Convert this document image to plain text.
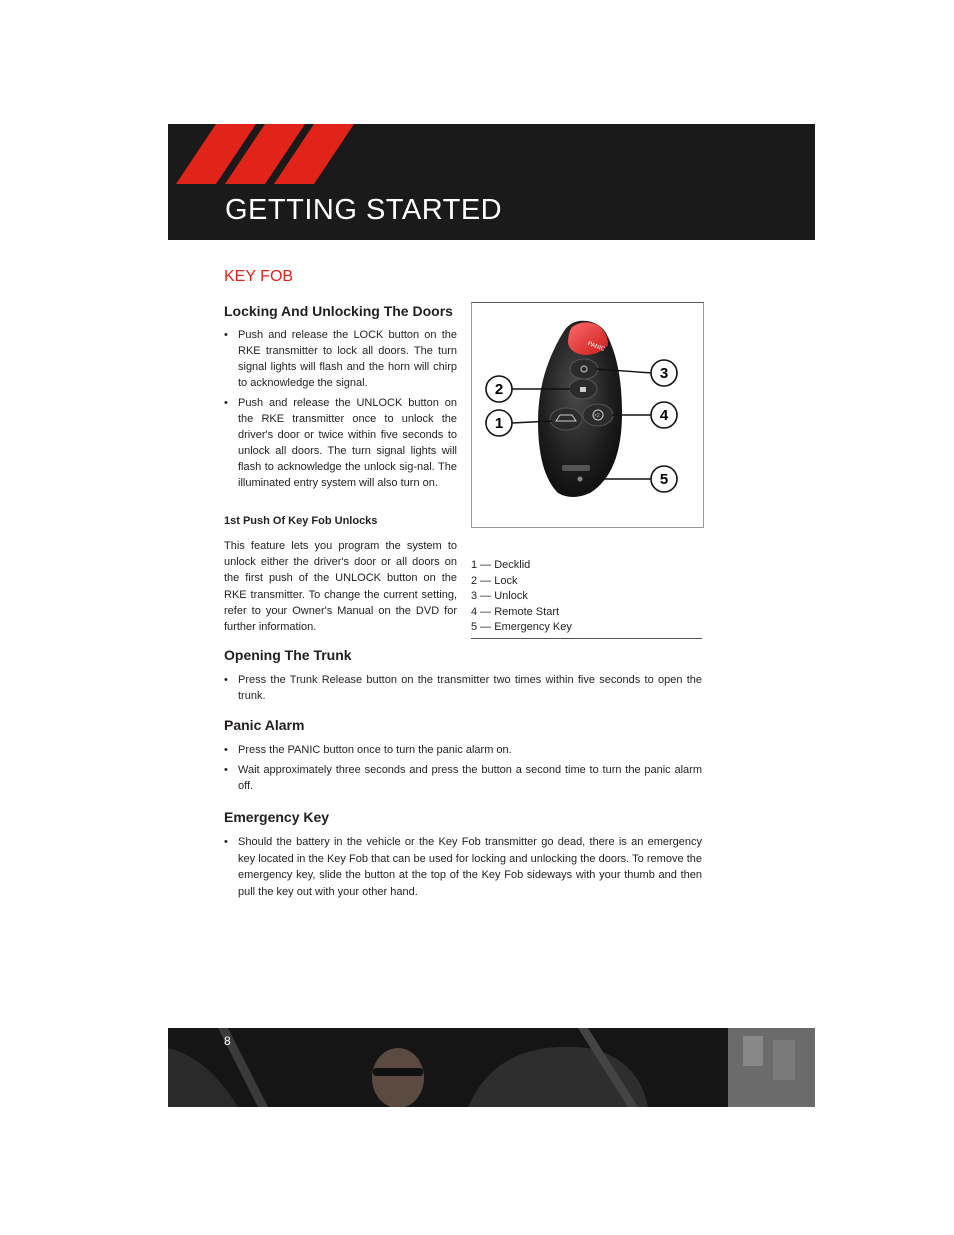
GETTING STARTED
KEY FOB
Locking And Unlocking The Doors
• Push and release the LOCK button on the RKE transmitter to lock all doors. The turn signal lights will flash and the horn will chirp to acknowledge the signal.
• Push and release the UNLOCK button on the RKE transmitter once to unlock the driver's door or twice within five seconds to unlock all doors. The turn signal lights will flash to acknowledge the unlock sig-nal. The illuminated entry system will also turn on.
1st Push Of Key Fob Unlocks

This feature lets you program the system to unlock either the driver's door or all doors on the first push of the UNLOCK button on the RKE transmitter. To change the current setting, refer to your Owner's Manual on the DVD for further information.

PANIC
×2
2
1
3
4
5
1 — Decklid
2 — Lock
3 — Unlock
4 — Remote Start
5 — Emergency Key
Opening The Trunk
• Press the Trunk Release button on the transmitter two times within five seconds to open the trunk.
Panic Alarm
• Press the PANIC button once to turn the panic alarm on.
• Wait approximately three seconds and press the button a second time to turn the panic alarm off.
Emergency Key
• Should the battery in the vehicle or the Key Fob transmitter go dead, there is an emergency key located in the Key Fob that can be used for locking and unlocking the doors. To remove the emergency key, slide the button at the top of the Key Fob sideways with your thumb and then pull the key out with your other hand.
8
